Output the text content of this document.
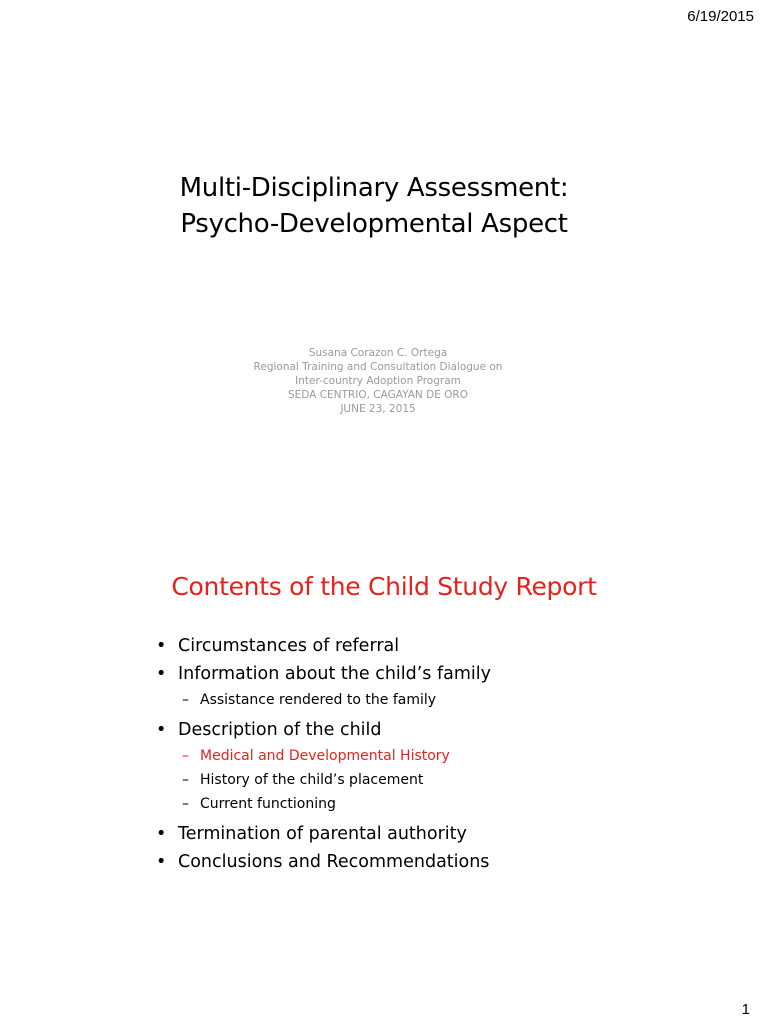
6/19/2015
Multi-Disciplinary Assessment:
Psycho-Developmental Aspect
Susana Corazon C. Ortega
Regional Training and Consultation Dialogue on
Inter-country Adoption Program
SEDA CENTRIO, CAGAYAN DE ORO
JUNE 23, 2015
Contents of the Child Study Report
• Circumstances of referral
• Information about the child’s family
– Assistance rendered to the family
• Description of the child
– Medical and Developmental History
– History of the child’s placement
– Current functioning
• Termination of parental authority
• Conclusions and Recommendations
1
